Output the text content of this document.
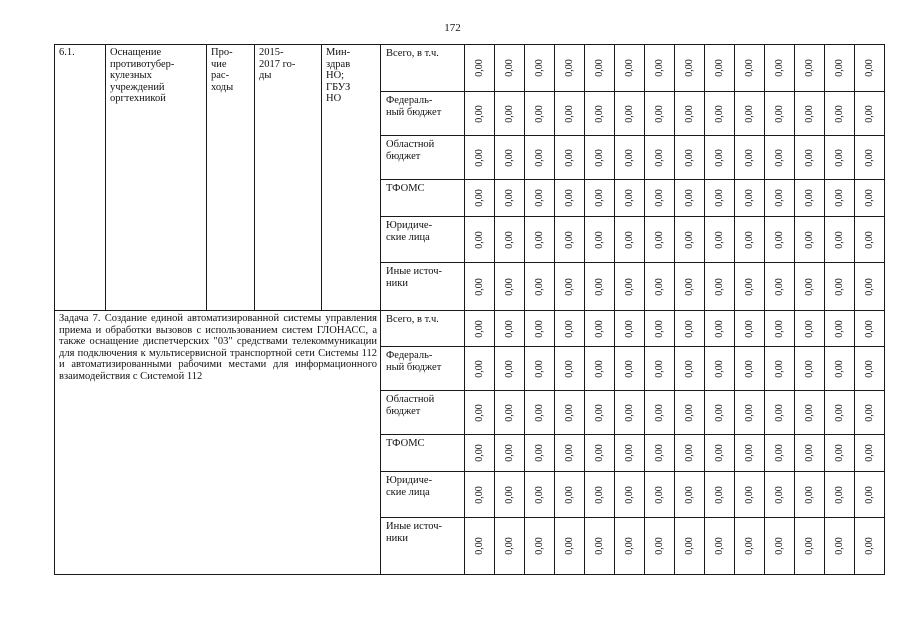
172
6.1.	Оснащение
противотубер-
кулезных
учреждений
оргтехникой	Про-
чие
рас-
ходы	2015-
2017 го-
ды	Мин-
здрав
НО;
ГБУЗ
НО	Всего, в т.ч.	0,00	0,00	0,00	0,00	0,00	0,00	0,00	0,00	0,00	0,00	0,00	0,00	0,00	0,00

					Федераль-
ный бюджет	0,00	0,00	0,00	0,00	0,00	0,00	0,00	0,00	0,00	0,00	0,00	0,00	0,00	0,00

					Областной
бюджет	0,00	0,00	0,00	0,00	0,00	0,00	0,00	0,00	0,00	0,00	0,00	0,00	0,00	0,00

					ТФОМС	0,00	0,00	0,00	0,00	0,00	0,00	0,00	0,00	0,00	0,00	0,00	0,00	0,00	0,00

					Юридиче-
ские лица	0,00	0,00	0,00	0,00	0,00	0,00	0,00	0,00	0,00	0,00	0,00	0,00	0,00	0,00

					Иные источ-
ники	0,00	0,00	0,00	0,00	0,00	0,00	0,00	0,00	0,00	0,00	0,00	0,00	0,00	0,00

Задача 7. Создание единой автоматизированной системы управления приема и обработки вызовов с использованием систем ГЛОНАСС, а также оснащение диспетчерских "03" средствами телекоммуникации для подключения к мультисервисной транспортной сети Системы 112 и автоматизированными рабочими местами для информационного взаимодействия с Системой 112					Всего, в т.ч.	0,00	0,00	0,00	0,00	0,00	0,00	0,00	0,00	0,00	0,00	0,00	0,00	0,00	0,00

					Федераль-
ный бюджет	0,00	0,00	0,00	0,00	0,00	0,00	0,00	0,00	0,00	0,00	0,00	0,00	0,00	0,00

					Областной
бюджет	0,00	0,00	0,00	0,00	0,00	0,00	0,00	0,00	0,00	0,00	0,00	0,00	0,00	0,00

					ТФОМС	0,00	0,00	0,00	0,00	0,00	0,00	0,00	0,00	0,00	0,00	0,00	0,00	0,00	0,00

					Юридиче-
ские лица	0,00	0,00	0,00	0,00	0,00	0,00	0,00	0,00	0,00	0,00	0,00	0,00	0,00	0,00

					Иные источ-
ники	0,00	0,00	0,00	0,00	0,00	0,00	0,00	0,00	0,00	0,00	0,00	0,00	0,00	0,00
